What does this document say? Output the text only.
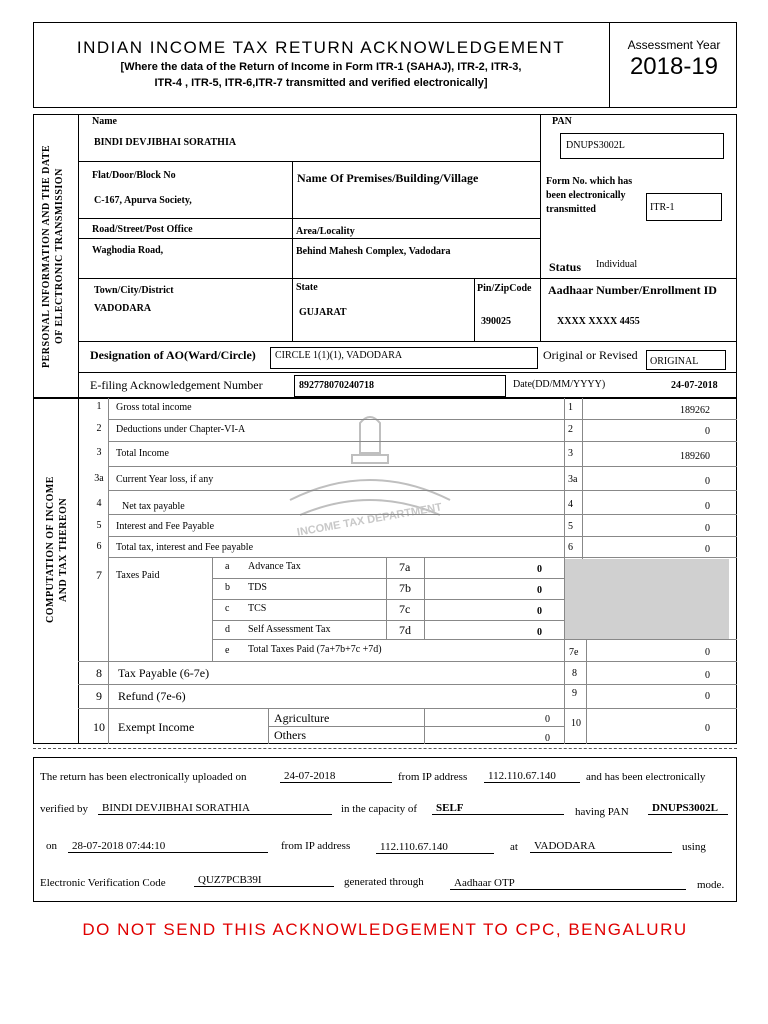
INDIAN INCOME TAX RETURN ACKNOWLEDGEMENT
[Where the data of the Return of Income in Form ITR-1 (SAHAJ), ITR-2, ITR-3,
ITR-4 , ITR-5, ITR-6,ITR-7 transmitted and verified electronically]
Assessment Year
2018-19
PERSONAL INFORMATION AND THE DATE OF ELECTRONIC TRANSMISSION
Name
BINDI DEVJIBHAI SORATHIA
PAN
DNUPS3002L
Flat/Door/Block No
C-167, Apurva Society,
Name Of Premises/Building/Village	Form No. which has been electronically transmitted	ITR-1
Road/Street/Post Office
Waghodia Road,
Area/Locality
Behind Mahesh Complex, Vadodara
Status Individual
Town/City/District
VADODARA
State
GUJARAT
Pin/ZipCode
390025
Aadhaar Number/Enrollment ID
XXXX XXXX 4455
Designation of AO(Ward/Circle)	CIRCLE 1(1)(1), VADODARA	Original or Revised	ORIGINAL
E-filing Acknowledgement Number	892778070240718	Date(DD/MM/YYYY)	24-07-2018
COMPUTATION OF INCOME AND TAX THEREON	INCOME TAX DEPARTMENT
1	Gross total income	1	189262
2	Deductions under Chapter-VI-A	2	0
3	Total Income	3	189260
3a	Current Year loss, if any	3a	0
4	Net tax payable	4	0
5	Interest and Fee Payable	5	0
6	Total tax, interest and Fee payable	6	0
7	Taxes Paid
a Advance Tax	7a	0
b TDS	7b	0
c TCS	7c	0
d Self Assessment Tax	7d	0
e Total Taxes Paid (7a+7b+7c +7d)	7e	0
8	Tax Payable (6-7e)	8	0
9	Refund (7e-6)	9	0
10 Exempt Income
Agriculture	0
Others	0
10	0
The return has been electronically uploaded on	24-07-2018	from IP address	112.110.67.140	and has been electronically
verified by	BINDI DEVJIBHAI SORATHIA	in the capacity of	SELF	having PAN	DNUPS3002L
on	28-07-2018 07:44:10	from IP address	112.110.67.140	at	VADODARA	using
Electronic Verification Code	QUZ7PCB39I	generated through	Aadhaar OTP	mode.
DO NOT SEND THIS ACKNOWLEDGEMENT TO CPC, BENGALURU
